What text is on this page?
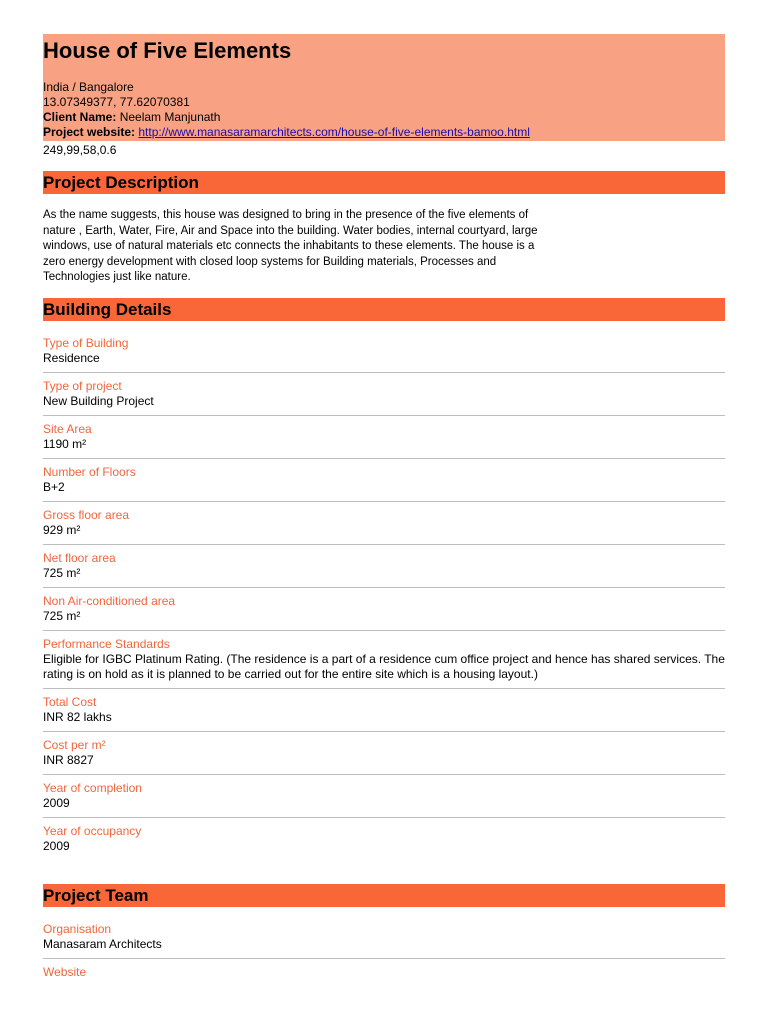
House of Five Elements
India / Bangalore
13.07349377, 77.62070381
Client Name: Neelam Manjunath
Project website: http://www.manasaramarchitects.com/house-of-five-elements-bamoo.html
249,99,58,0.6
Project Description
As the name suggests, this house was designed to bring in the presence of the five elements of nature , Earth, Water, Fire, Air and Space into the building. Water bodies, internal courtyard, large windows, use of natural materials etc connects the inhabitants to these elements. The house is a zero energy development with closed loop systems for Building materials, Processes and Technologies just like nature.
Building Details
Type of Building
Residence
Type of project
New Building Project
Site Area
1190 m²
Number of Floors
B+2
Gross floor area
929 m²
Net floor area
725 m²
Non Air-conditioned area
725 m²
Performance Standards
Eligible for IGBC Platinum Rating. (The residence is a part of a residence cum office project and hence has shared services. The rating is on hold as it is planned to be carried out for the entire site which is a housing layout.)
Total Cost
INR 82 lakhs
Cost per m²
INR 8827
Year of completion
2009
Year of occupancy
2009
Project Team
Organisation
Manasaram Architects
Website
